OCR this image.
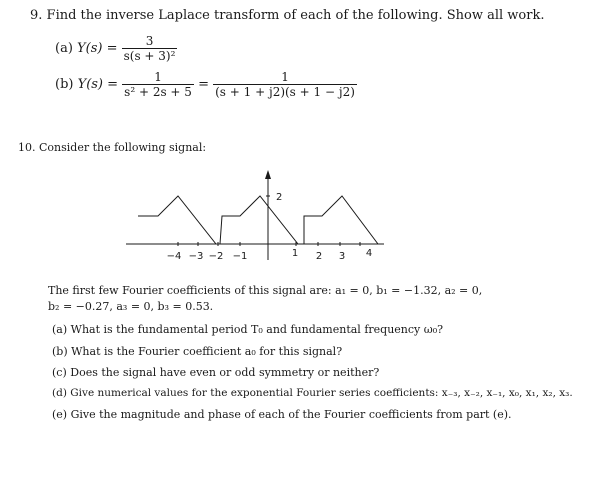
9. Find the inverse Laplace transform of each of the following. Show all work.
(a) $Y(s) = \frac{3}{\text{s(s + 3)²}}$
(b) $Y(s) = \frac{1}{\text{s² + 2s + 5}} = \frac{1}{(s + 1 + j2)(s + 1 - j2)}$
10. Consider the following signal:
2
−4 −3 −2 −1	1 2 3 4
The first few Fourier coefficients of this signal are: a₁ = 0, b₁ = −1.32, a₂ = 0,
b₂ = −0.27, a₃ = 0, b₃ = 0.53.
(a) What is the fundamental period T₀ and fundamental frequency ω₀?
(b) What is the Fourier coefficient a₀ for this signal?
(c) Does the signal have even or odd symmetry or neither?
(d) Give numerical values for the exponential Fourier series coefficients: x₋₃, x₋₂, x₋₁, x₀, x₁, x₂, x₃.
(e) Give the magnitude and phase of each of the Fourier coefficients from part (e).
